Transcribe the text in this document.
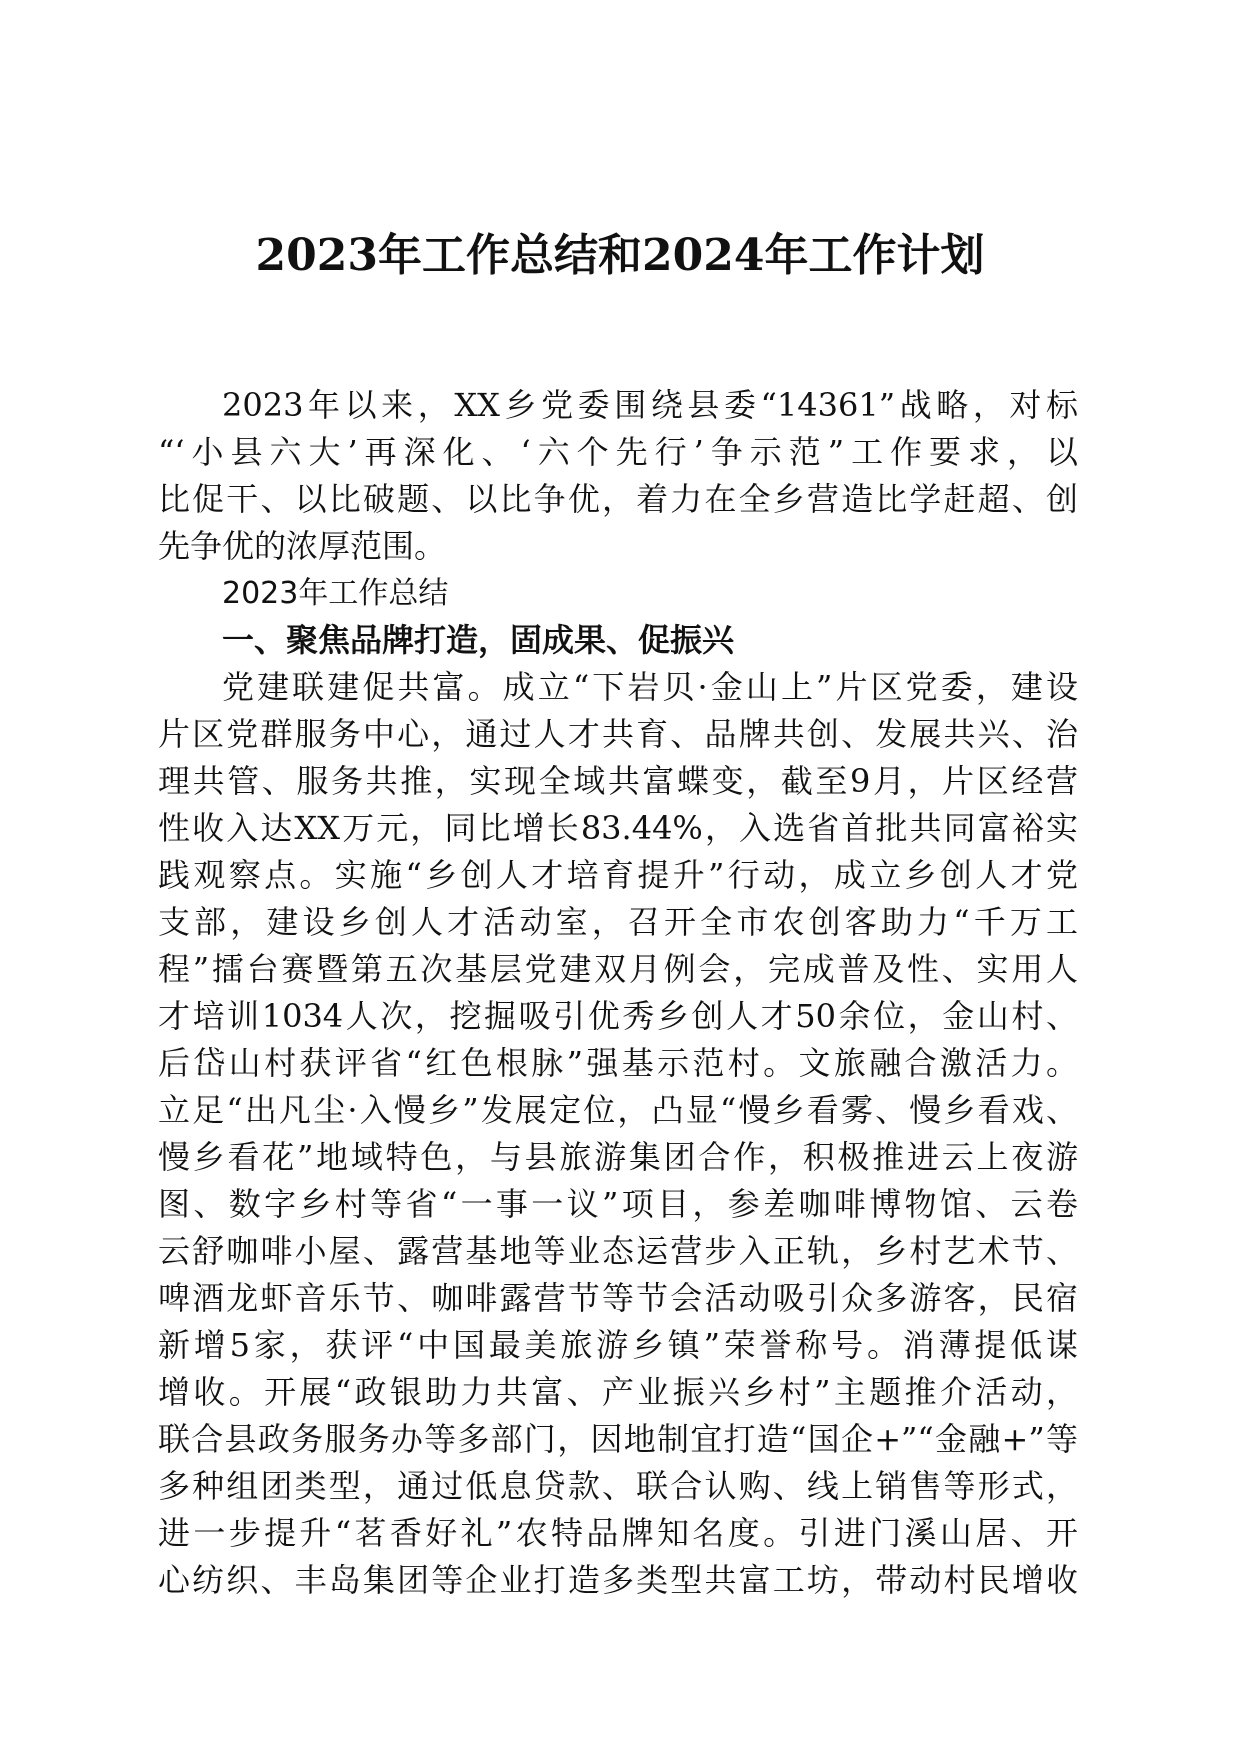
2023年工作总结和2024年工作计划
2023年以来，XX乡党委围绕县委“14361”战略，对标
“‘小县六大’再深化、‘六个先行’争示范”工作要求，以
比促干、以比破题、以比争优，着力在全乡营造比学赶超、创
先争优的浓厚范围。
2023年工作总结
一、聚焦品牌打造，固成果、促振兴
党建联建促共富。成立“下岩贝·金山上”片区党委，建设
片区党群服务中心，通过人才共育、品牌共创、发展共兴、治
理共管、服务共推，实现全域共富蝶变，截至9月，片区经营
性收入达XX万元，同比增长83.44%，入选省首批共同富裕实
践观察点。实施“乡创人才培育提升”行动，成立乡创人才党
支部，建设乡创人才活动室，召开全市农创客助力“千万工
程”擂台赛暨第五次基层党建双月例会，完成普及性、实用人
才培训1034人次，挖掘吸引优秀乡创人才50余位，金山村、
后岱山村获评省“红色根脉”强基示范村。文旅融合激活力。
立足“出凡尘·入慢乡”发展定位，凸显“慢乡看雾、慢乡看戏、
慢乡看花”地域特色，与县旅游集团合作，积极推进云上夜游
图、数字乡村等省“一事一议”项目，参差咖啡博物馆、云卷
云舒咖啡小屋、露营基地等业态运营步入正轨，乡村艺术节、
啤酒龙虾音乐节、咖啡露营节等节会活动吸引众多游客，民宿
新增5家，获评“中国最美旅游乡镇”荣誉称号。消薄提低谋
增收。开展“政银助力共富、产业振兴乡村”主题推介活动，
联合县政务服务办等多部门，因地制宜打造“国企+”“金融+”等
多种组团类型，通过低息贷款、联合认购、线上销售等形式，
进一步提升“茗香好礼”农特品牌知名度。引进门溪山居、开
心纺织、丰岛集团等企业打造多类型共富工坊，带动村民增收
